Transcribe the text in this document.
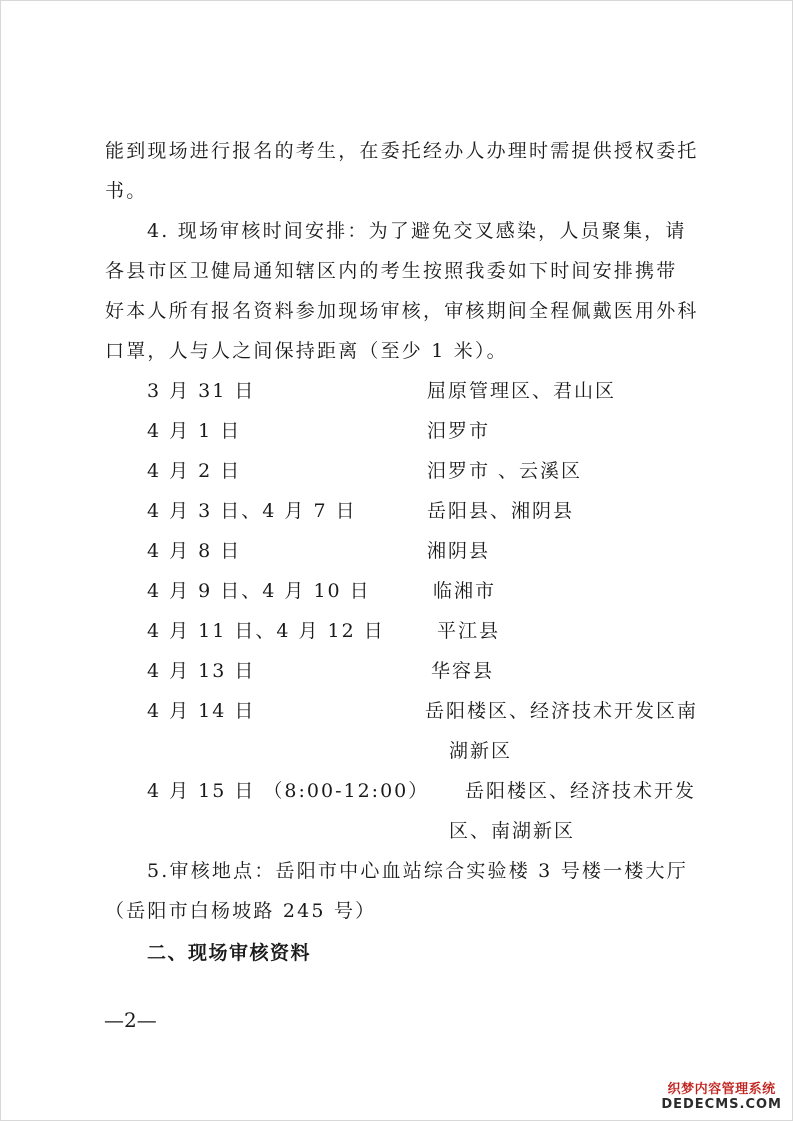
能到现场进行报名的考生，在委托经办人办理时需提供授权委托
书。
4. 现场审核时间安排：为了避免交叉感染，人员聚集，请
各县市区卫健局通知辖区内的考生按照我委如下时间安排携带
好本人所有报名资料参加现场审核，审核期间全程佩戴医用外科
口罩，人与人之间保持距离（至少 1 米）。
3 月 31 日	屈原管理区、君山区
4 月 1 日	汨罗市
4 月 2 日	汨罗市 、云溪区
4 月 3 日、4 月 7 日	岳阳县、湘阴县
4 月 8 日	湘阴县
4 月 9 日、4 月 10 日	临湘市
4 月 11 日、4 月 12 日	平江县
4 月 13 日	华容县
4 月 14 日	岳阳楼区、经济技术开发区南
湖新区
4 月 15 日 （8:00-12:00） 岳阳楼区、经济技术开发
区、南湖新区
5.审核地点：岳阳市中心血站综合实验楼 3 号楼一楼大厅
（岳阳市白杨坡路 245 号）
二、现场审核资料
—2—
织梦内容管理系统
DEDECMS.COM
